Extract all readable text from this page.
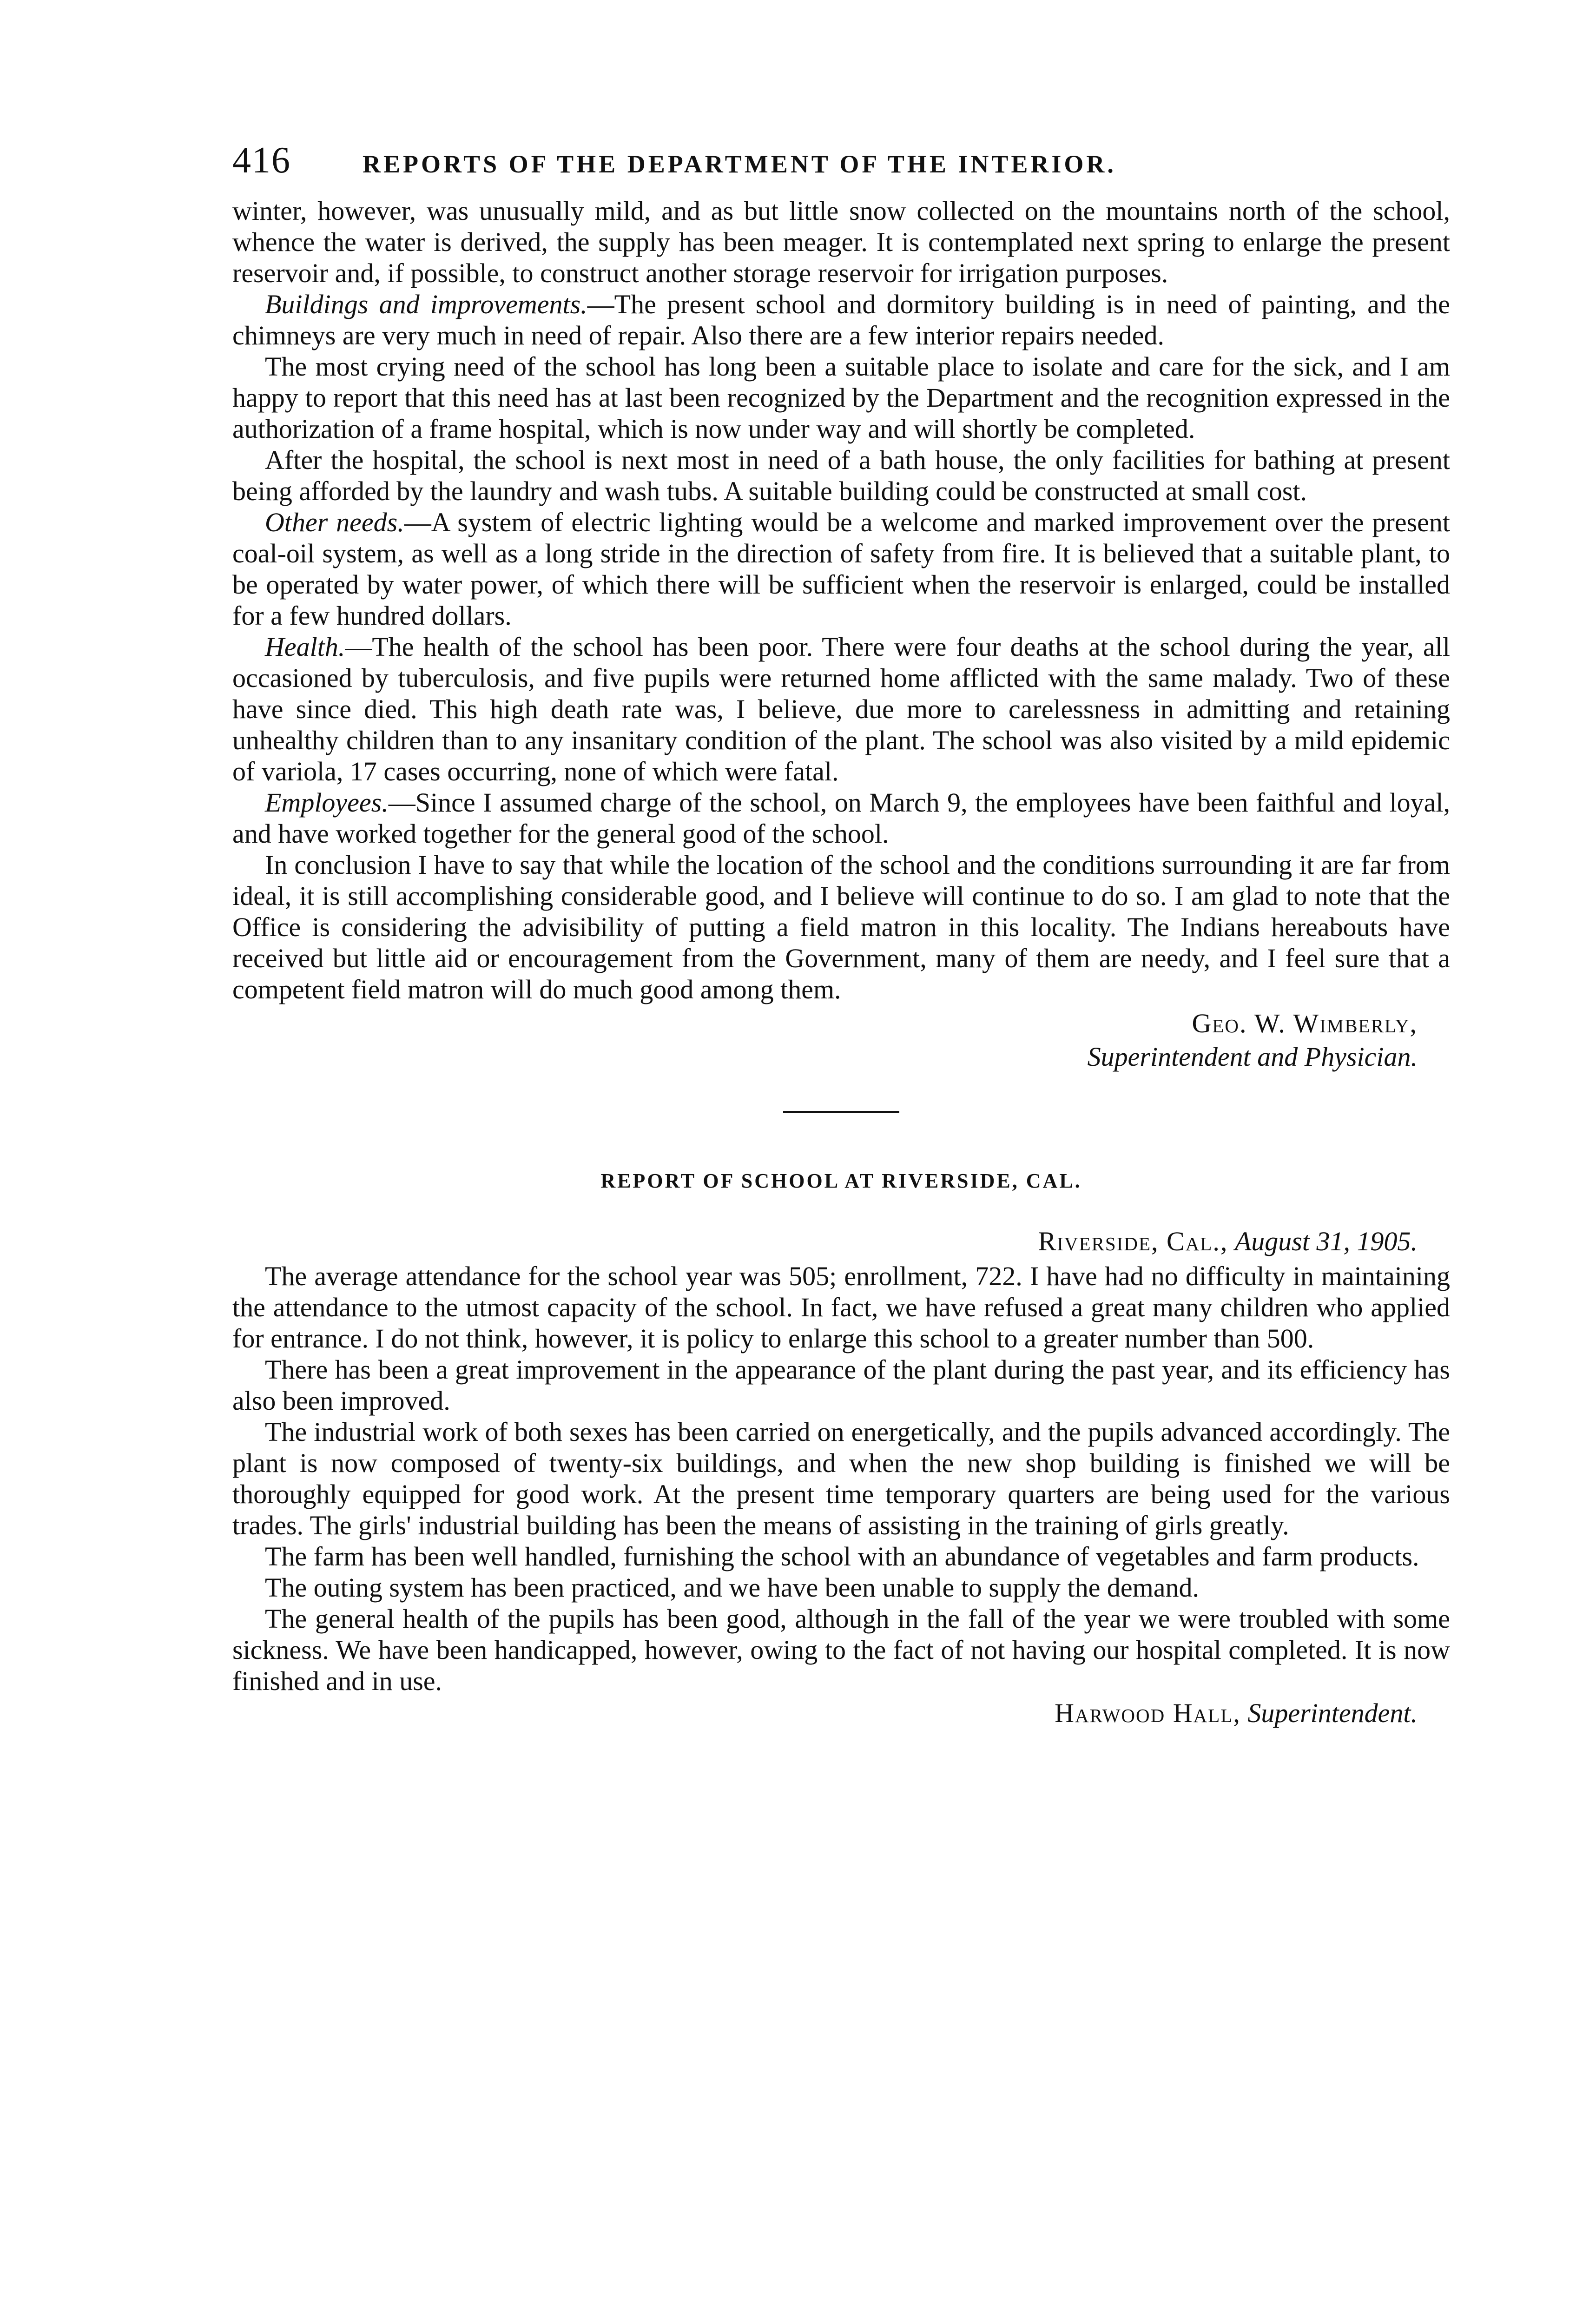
416	REPORTS OF THE DEPARTMENT OF THE INTERIOR.

winter, however, was unusually mild, and as but little snow collected on the mountains north of the school, whence the water is derived, the supply has been meager. It is contemplated next spring to enlarge the present reservoir and, if possible, to construct another storage reservoir for irrigation purposes.

Buildings and improvements.—The present school and dormitory building is in need of painting, and the chimneys are very much in need of repair. Also there are a few interior repairs needed.

The most crying need of the school has long been a suitable place to isolate and care for the sick, and I am happy to report that this need has at last been recognized by the Department and the recognition expressed in the authorization of a frame hospital, which is now under way and will shortly be completed.

After the hospital, the school is next most in need of a bath house, the only facilities for bathing at present being afforded by the laundry and wash tubs. A suitable building could be constructed at small cost.

Other needs.—A system of electric lighting would be a welcome and marked improvement over the present coal-oil system, as well as a long stride in the direction of safety from fire. It is believed that a suitable plant, to be operated by water power, of which there will be sufficient when the reservoir is enlarged, could be installed for a few hundred dollars.

Health.—The health of the school has been poor. There were four deaths at the school during the year, all occasioned by tuberculosis, and five pupils were returned home afflicted with the same malady. Two of these have since died. This high death rate was, I believe, due more to carelessness in admitting and retaining unhealthy children than to any insanitary condition of the plant. The school was also visited by a mild epidemic of variola, 17 cases occurring, none of which were fatal.

Employees.—Since I assumed charge of the school, on March 9, the employees have been faithful and loyal, and have worked together for the general good of the school.

In conclusion I have to say that while the location of the school and the conditions surrounding it are far from ideal, it is still accomplishing considerable good, and I believe will continue to do so. I am glad to note that the Office is considering the advisibility of putting a field matron in this locality. The Indians hereabouts have received but little aid or encouragement from the Government, many of them are needy, and I feel sure that a competent field matron will do much good among them.

Geo. W. Wimberly,
Superintendent and Physician.
REPORT OF SCHOOL AT RIVERSIDE, CAL.
Riverside, Cal., August 31, 1905.

The average attendance for the school year was 505; enrollment, 722. I have had no difficulty in maintaining the attendance to the utmost capacity of the school. In fact, we have refused a great many children who applied for entrance. I do not think, however, it is policy to enlarge this school to a greater number than 500.

There has been a great improvement in the appearance of the plant during the past year, and its efficiency has also been improved.

The industrial work of both sexes has been carried on energetically, and the pupils advanced accordingly. The plant is now composed of twenty-six buildings, and when the new shop building is finished we will be thoroughly equipped for good work. At the present time temporary quarters are being used for the various trades. The girls' industrial building has been the means of assisting in the training of girls greatly.

The farm has been well handled, furnishing the school with an abundance of vegetables and farm products.

The outing system has been practiced, and we have been unable to supply the demand.

The general health of the pupils has been good, although in the fall of the year we were troubled with some sickness. We have been handicapped, however, owing to the fact of not having our hospital completed. It is now finished and in use.

Harwood Hall, Superintendent.
